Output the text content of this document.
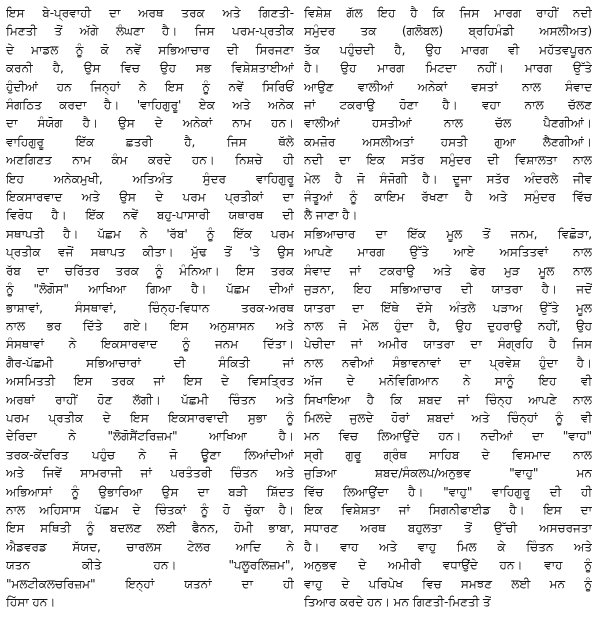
ਇਸ ਬੇ-ਪ੍ਰਵਾਹੀ ਦਾ ਅਰਥ ਤਰਕ ਅਤੇ ਗਿਣਤੀ-
ਮਿਣਤੀ ਤੋਂ ਅੱਗੇ ਲੰਘਣਾ ਹੈ। ਜਿਸ ਪਰਮ-ਪ੍ਰਤੀਕ
ਦੇ ਮਾਡਲ ਨੂੰ ਕੋ ਨਵੇਂ ਸਭਿਆਚਾਰ ਦੀ ਸਿਰਜਣਾ
ਕਰਨੀ ਹੈ, ਉਸ ਵਿਚ ਉਹ ਸਭ ਵਿਸ਼ੇਸ਼ਤਾਈਆਂ
ਹੁੰਦੀਆਂ ਹਨ ਜਿਨ੍ਹਾਂ ਨੇ ਇਸ ਨੂੰ ਨਵੇਂ ਸਿਰਿਓਂ
ਸੰਗਠਿਤ ਕਰਦਾ ਹੈ। 'ਵਾਹਿਗੁਰੂ' ਏਕ ਅਤੇ ਅਨੇਕ
ਦਾ ਸੰਯੋਗ ਹੈ। ਉਸ ਦੇ ਅਨੇਕਾਂ ਨਾਮ ਹਨ।
ਵਾਹਿਗੁਰੂ ਇੱਕ ਛਤਰੀ ਹੈ, ਜਿਸ ਥੱਲੇ
ਅਣਗਿਣਤ ਨਾਮ ਕੰਮ ਕਰਦੇ ਹਨ। ਨਿਸ਼ਚੇ ਹੀ
ਇਹ ਅਨੇਕਮੁਖੀ, ਅਤਿਅੰਤ ਸੁੰਦਰ ਵਾਹਿਗੁਰੂ
ਇਕਸਾਰਵਾਦ ਅਤੇ ਉਸ ਦੇ ਪਰਮ ਪ੍ਰਤੀਕਾਂ ਦਾ
ਵਿਰੋਧ ਹੈ। ਇੱਕ ਨਵੇਂ ਬਹੁ-ਪਾਸਾਰੀ ਯਥਾਰਥ ਦੀ
ਸਥਾਪਤੀ ਹੈ। ਪੱਛਮ ਨੇ 'ਰੱਬ' ਨੂੰ ਇੱਕ ਪਰਮ
ਪ੍ਰਤੀਕ ਵਜੋਂ ਸਥਾਪਤ ਕੀਤਾ। ਮੁੱਢ ਤੋਂ 'ਤੇ ਉਸ
ਰੱਬ ਦਾ ਚਰਿੱਤਰ ਤਰਕ ਨੂੰ ਮੰਨਿਆ। ਇਸ ਤਰਕ
ਨੂੰ "ਲੋਗੋਸ" ਆਖਿਆ ਗਿਆ ਹੈ। ਪੱਛਮ ਦੀਆਂ
ਭਾਸ਼ਾਵਾਂ, ਸੰਸਥਾਵਾਂ, ਚਿੰਨ੍ਹ-ਵਿਧਾਨ ਤਰਕ-ਅਰਥ
ਨਾਲ ਭਰ ਦਿੱਤੇ ਗਏ। ਇਸ ਅਨੁਸ਼ਾਸਨ ਅਤੇ
ਸੰਸਥਾਵਾਂ ਨੇ ਇਕਸਾਰਵਾਦ ਨੂੰ ਜਨਮ ਦਿੱਤਾ।
ਗੈਰ-ਪੱਛਮੀ ਸਭਿਆਚਾਰਾਂ ਦੀ ਸੰਕਿਤੀ ਜਾਂ
ਅਸਮਿਤਤੀ ਇਸ ਤਰਕ ਜਾਂ ਇਸ ਦੇ ਵਿਸਤ੍ਰਿਤ
ਅਰਥਾਂ ਰਾਹੀਂ ਹੋਣ ਲੱਗੀ। ਪੱਛਮੀ ਚਿੰਤਨ ਅਤੇ
ਪਰਮ ਪ੍ਰਤੀਕ ਦੇ ਇਸ ਇਕਸਾਰਵਾਦੀ ਸੁਭਾ ਨੂੰ
ਦੇਰਿਦਾ ਨੇ "ਲੋਗੋਸੈਂਟਰਿਜ਼ਮ" ਆਖਿਆ ਹੈ।
ਤਰਕ-ਕੇਂਦਰਿਤ ਪਹੁੰਚ ਨੇ ਜੋ ਊਣਾ ਲਿਆਂਦੀਆਂ
ਅਤੇ ਜਿਵੇਂ ਸਾਮਰਾਜੀ ਜਾਂ ਪਰਤੰਤਰੀ ਚਿੰਤਨ ਅਤੇ
ਅਭਿਆਸਾਂ ਨੂੰ ਉਭਾਰਿਆ ਉਸ ਦਾ ਬੜੀ ਸ਼ਿੱਦਤ
ਨਾਲ ਅਹਿਸਾਸ ਪੱਛਮ ਦੇ ਚਿੰਤਕਾਂ ਨੂੰ ਹੋ ਚੁੱਕਾ ਹੈ।
ਇਸ ਸਥਿਤੀ ਨੂੰ ਬਦਲਣ ਲਈ ਫੈਨਨ, ਹੋਮੀ ਭਾਬਾ,
ਐਡਵਰਡ ਸੱਯਦ, ਚਾਰਲਸ ਟੇਲਰ ਆਦਿ ਨੇ
ਯਤਨ ਕੀਤੇ ਹਨ। "ਪਲੂਰਲਿਜ਼ਮ",
"ਮਲਟੀਕਲਚਰਿਜ਼ਮ" ਇਨ੍ਹਾਂ ਯਤਨਾਂ ਦਾ ਹੀ
ਹਿੱਸਾ ਹਨ।
ਵਿਸ਼ੇਸ਼ ਗੱਲ ਇਹ ਹੈ ਕਿ ਜਿਸ ਮਾਰਗ ਰਾਹੀਂ ਨਦੀ
ਸਮੁੰਦਰ ਤਕ (ਗਲੋਬਲ) ਬ੍ਰਹਿਮੰਡੀ ਅਸਲੀਅਤ)
ਤੱਕ ਪਹੁੰਚਦੀ ਹੈ, ਉਹ ਮਾਰਗ ਵੀ ਮਹੱਤਵਪੂਰਨ
ਹੈ। ਉਹ ਮਾਰਗ ਮਿਟਦਾ ਨਹੀਂ। ਮਾਰਗ ਉੱਤੇ
ਆਉਣ ਵਾਲੀਆਂ ਅਨੇਕਾਂ ਵਸਤਾਂ ਨਾਲ ਸੰਵਾਦ
ਜਾਂ ਟਕਰਾਉ ਹੋਣਾ ਹੈ। ਵਹਾ ਨਾਲ ਚੱਲਣ
ਵਾਲੀਆਂ ਹਸਤੀਆਂ ਨਾਲ ਚੱਲ ਪੈਣਗੀਆਂ।
ਕਮਜ਼ੋਰ ਅਸਲੀਅਤਾਂ ਹਸਤੀ ਗੁਆ ਲੈਣਗੀਆਂ।
ਨਦੀ ਦਾ ਇਕ ਸਤੱਰ ਸਮੁੰਦਰ ਦੀ ਵਿਸ਼ਾਲਤਾ ਨਾਲ
ਮੇਲ ਹੈ ਜੋ ਸੰਜੋਗੀ ਹੈ। ਦੂਜਾ ਸਤੱਰ ਅੰਦਰਲੇ ਜੀਵ
ਜੰਤੂਆਂ ਨੂੰ ਕਾਇਮ ਰੱਖਣਾ ਹੈ ਅਤੇ ਸਮੁੰਦਰ ਵਿੱਚ
ਲੈ ਜਾਣਾ ਹੈ।
ਸਭਿਆਚਾਰ ਦਾ ਇੱਕ ਮੂਲ ਤੋਂ ਜਨਮ, ਵਿਛੋੜਾ,
ਆਪਣੇ ਮਾਰਗ ਉੱਤੇ ਆਏ ਅਸਤਿਤਵਾਂ ਨਾਲ
ਸੰਵਾਦ ਜਾਂ ਟਕਰਾਉ ਅਤੇ ਫੇਰ ਮੁੜ ਮੂਲ ਨਾਲ
ਜੁੜਨਾ, ਇਹ ਸਭਿਆਚਾਰ ਦੀ ਯਾਤਰਾ ਹੈ। ਜਦੋਂ
ਯਾਤਰਾ ਦਾ ਇੱਥੇ ਦੱਸੇ ਅੰਤਲੇ ਪੜਾਅ ਉੱਤੇ ਮੂਲ
ਨਾਲ ਜੋ ਮੇਲ ਹੁੰਦਾ ਹੈ, ਉਹ ਦੁਹਰਾਉ ਨਹੀਂ, ਉਹ
ਪੇਚੀਦਾ ਜਾਂ ਅਮੀਰ ਯਾਤਰਾ ਦਾ ਸੰਗ੍ਰਹਿ ਹੈ ਜਿਸ
ਨਾਲ ਨਵੀਆਂ ਸੰਭਾਵਨਾਵਾਂ ਦਾ ਪ੍ਰਵੇਸ਼ ਹੁੰਦਾ ਹੈ।
ਅੱਜ ਦੇ ਮਨੋਵਿਗਿਆਨ ਨੇ ਸਾਨੂੰ ਇਹ ਵੀ
ਸਿਖਾਇਆ ਹੈ ਕਿ ਸ਼ਬਦ ਜਾਂ ਚਿੰਨ੍ਹ ਆਪਣੇ ਨਾਲ
ਮਿਲਦੇ ਜੁਲਦੇ ਹੋਰਾਂ ਸ਼ਬਦਾਂ ਅਤੇ ਚਿੰਨ੍ਹਾਂ ਨੂੰ ਵੀ
ਮਨ ਵਿਚ ਲਿਆਉਂਦੇ ਹਨ। ਨਦੀਆਂ ਦਾ "ਵਾਹ"
ਸ੍ਰੀ ਗੁਰੂ ਗ੍ਰੰਥ ਸਾਹਿਬ ਦੇ ਵਿਸਮਾਦ ਨਾਲ
ਜੁੜਿਆ ਸ਼ਬਦ/ਸੰਕਲਪ/ਅਨੁਭਵ "ਵਾਹੁ" ਮਨ
ਵਿੱਚ ਲਿਆਉਂਦਾ ਹੈ। "ਵਾਹੁ" ਵਾਹਿਗੁਰੂ ਦੀ ਹੀ
ਇਕ ਵਿਸ਼ੇਸ਼ਤਾ ਜਾਂ ਸਿਗਨੀਫਾਈਡ ਹੈ। ਇਸ ਦਾ
ਸਧਾਰਣ ਅਰਥ ਬਹੁਲਤਾ ਤੋਂ ਉੱਚੀ ਅਸਚਰਜਤਾ
ਹੈ। ਵਾਹ ਅਤੇ ਵਾਹੁ ਮਿਲ ਕੇ ਚਿੰਤਨ ਅਤੇ
ਅਨੁਭਵ ਦੇ ਅਮੀਰੀ ਵਧਾਉਂਦੇ ਹਨ। ਵਾਹ ਨੂੰ
ਵਾਹੁ ਦੇ ਪਰਿਪੇਖ ਵਿਚ ਸਮਝਣ ਲਈ ਮਨ ਨੂੰ
ਤਿਆਰ ਕਰਦੇ ਹਨ। ਮਨ ਗਿਣਤੀ-ਮਿਣਤੀ ਤੋਂ
